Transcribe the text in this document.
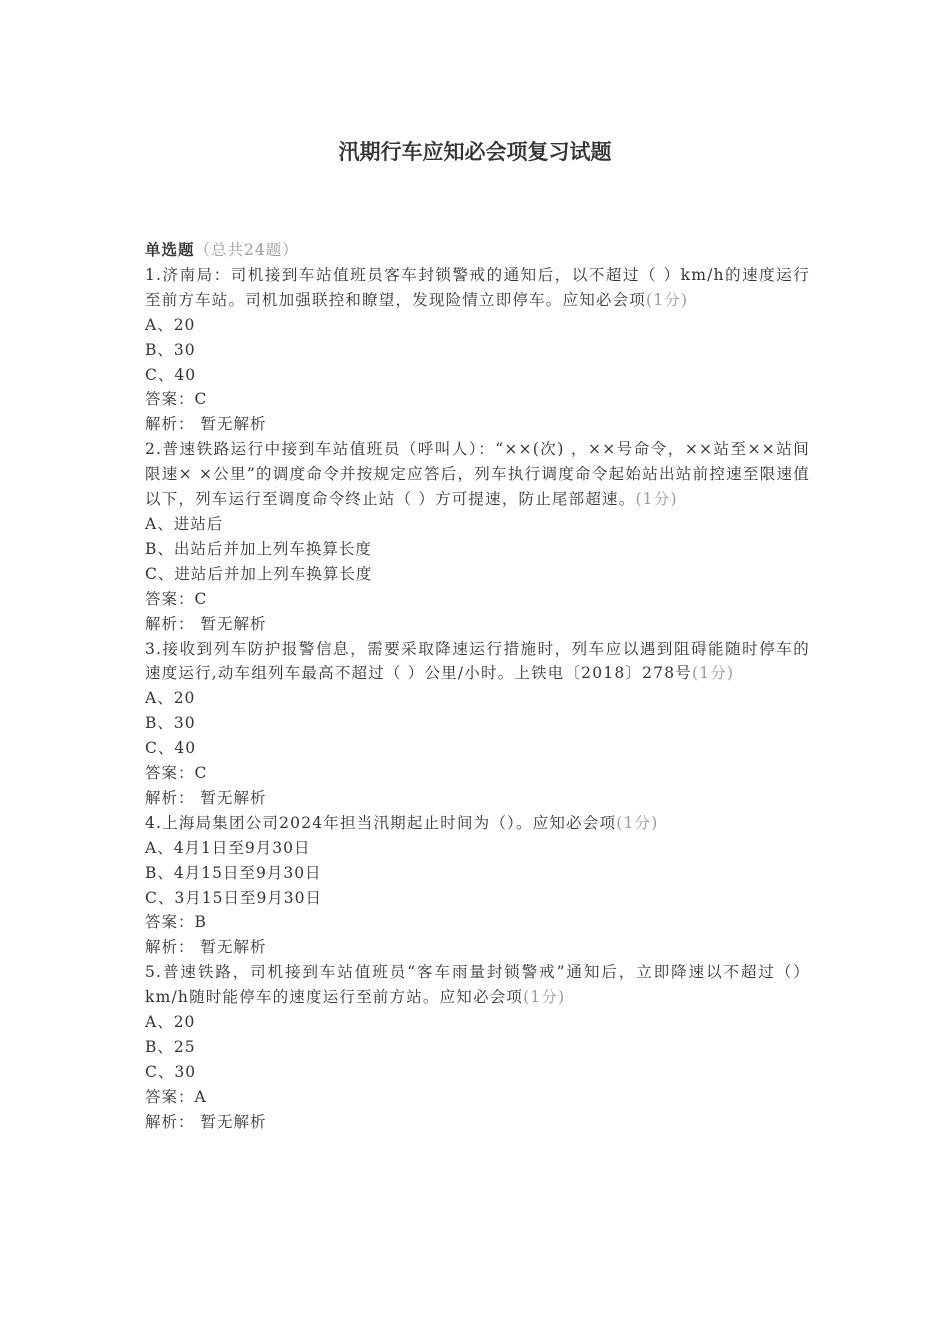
汛期行车应知必会项复习试题
单选题（总共24题）
1.济南局：司机接到车站值班员客车封锁警戒的通知后，以不超过（ ）km/h的速度运行至前方车站。司机加强联控和瞭望，发现险情立即停车。应知必会项(1分)
A、20
B、30
C、40
答案：C
解析： 暂无解析
2.普速铁路运行中接到车站值班员（呼叫人）：“××(次) ，××号命令，××站至××站间限速× ×公里”的调度命令并按规定应答后，列车执行调度命令起始站出站前控速至限速值以下，列车运行至调度命令终止站（ ）方可提速，防止尾部超速。(1分)
A、进站后
B、出站后并加上列车换算长度
C、进站后并加上列车换算长度
答案：C
解析： 暂无解析
3.接收到列车防护报警信息，需要采取降速运行措施时，列车应以遇到阻碍能随时停车的速度运行,动车组列车最高不超过（ ）公里/小时。上铁电〔2018〕278号(1分)
A、20
B、30
C、40
答案：C
解析： 暂无解析
4.上海局集团公司2024年担当汛期起止时间为（）。应知必会项(1分)
A、4月1日至9月30日
B、4月15日至9月30日
C、3月15日至9月30日
答案：B
解析： 暂无解析
5.普速铁路，司机接到车站值班员“客车雨量封锁警戒”通知后，立即降速以不超过（）km/h随时能停车的速度运行至前方站。应知必会项(1分)
A、20
B、25
C、30
答案：A
解析： 暂无解析
